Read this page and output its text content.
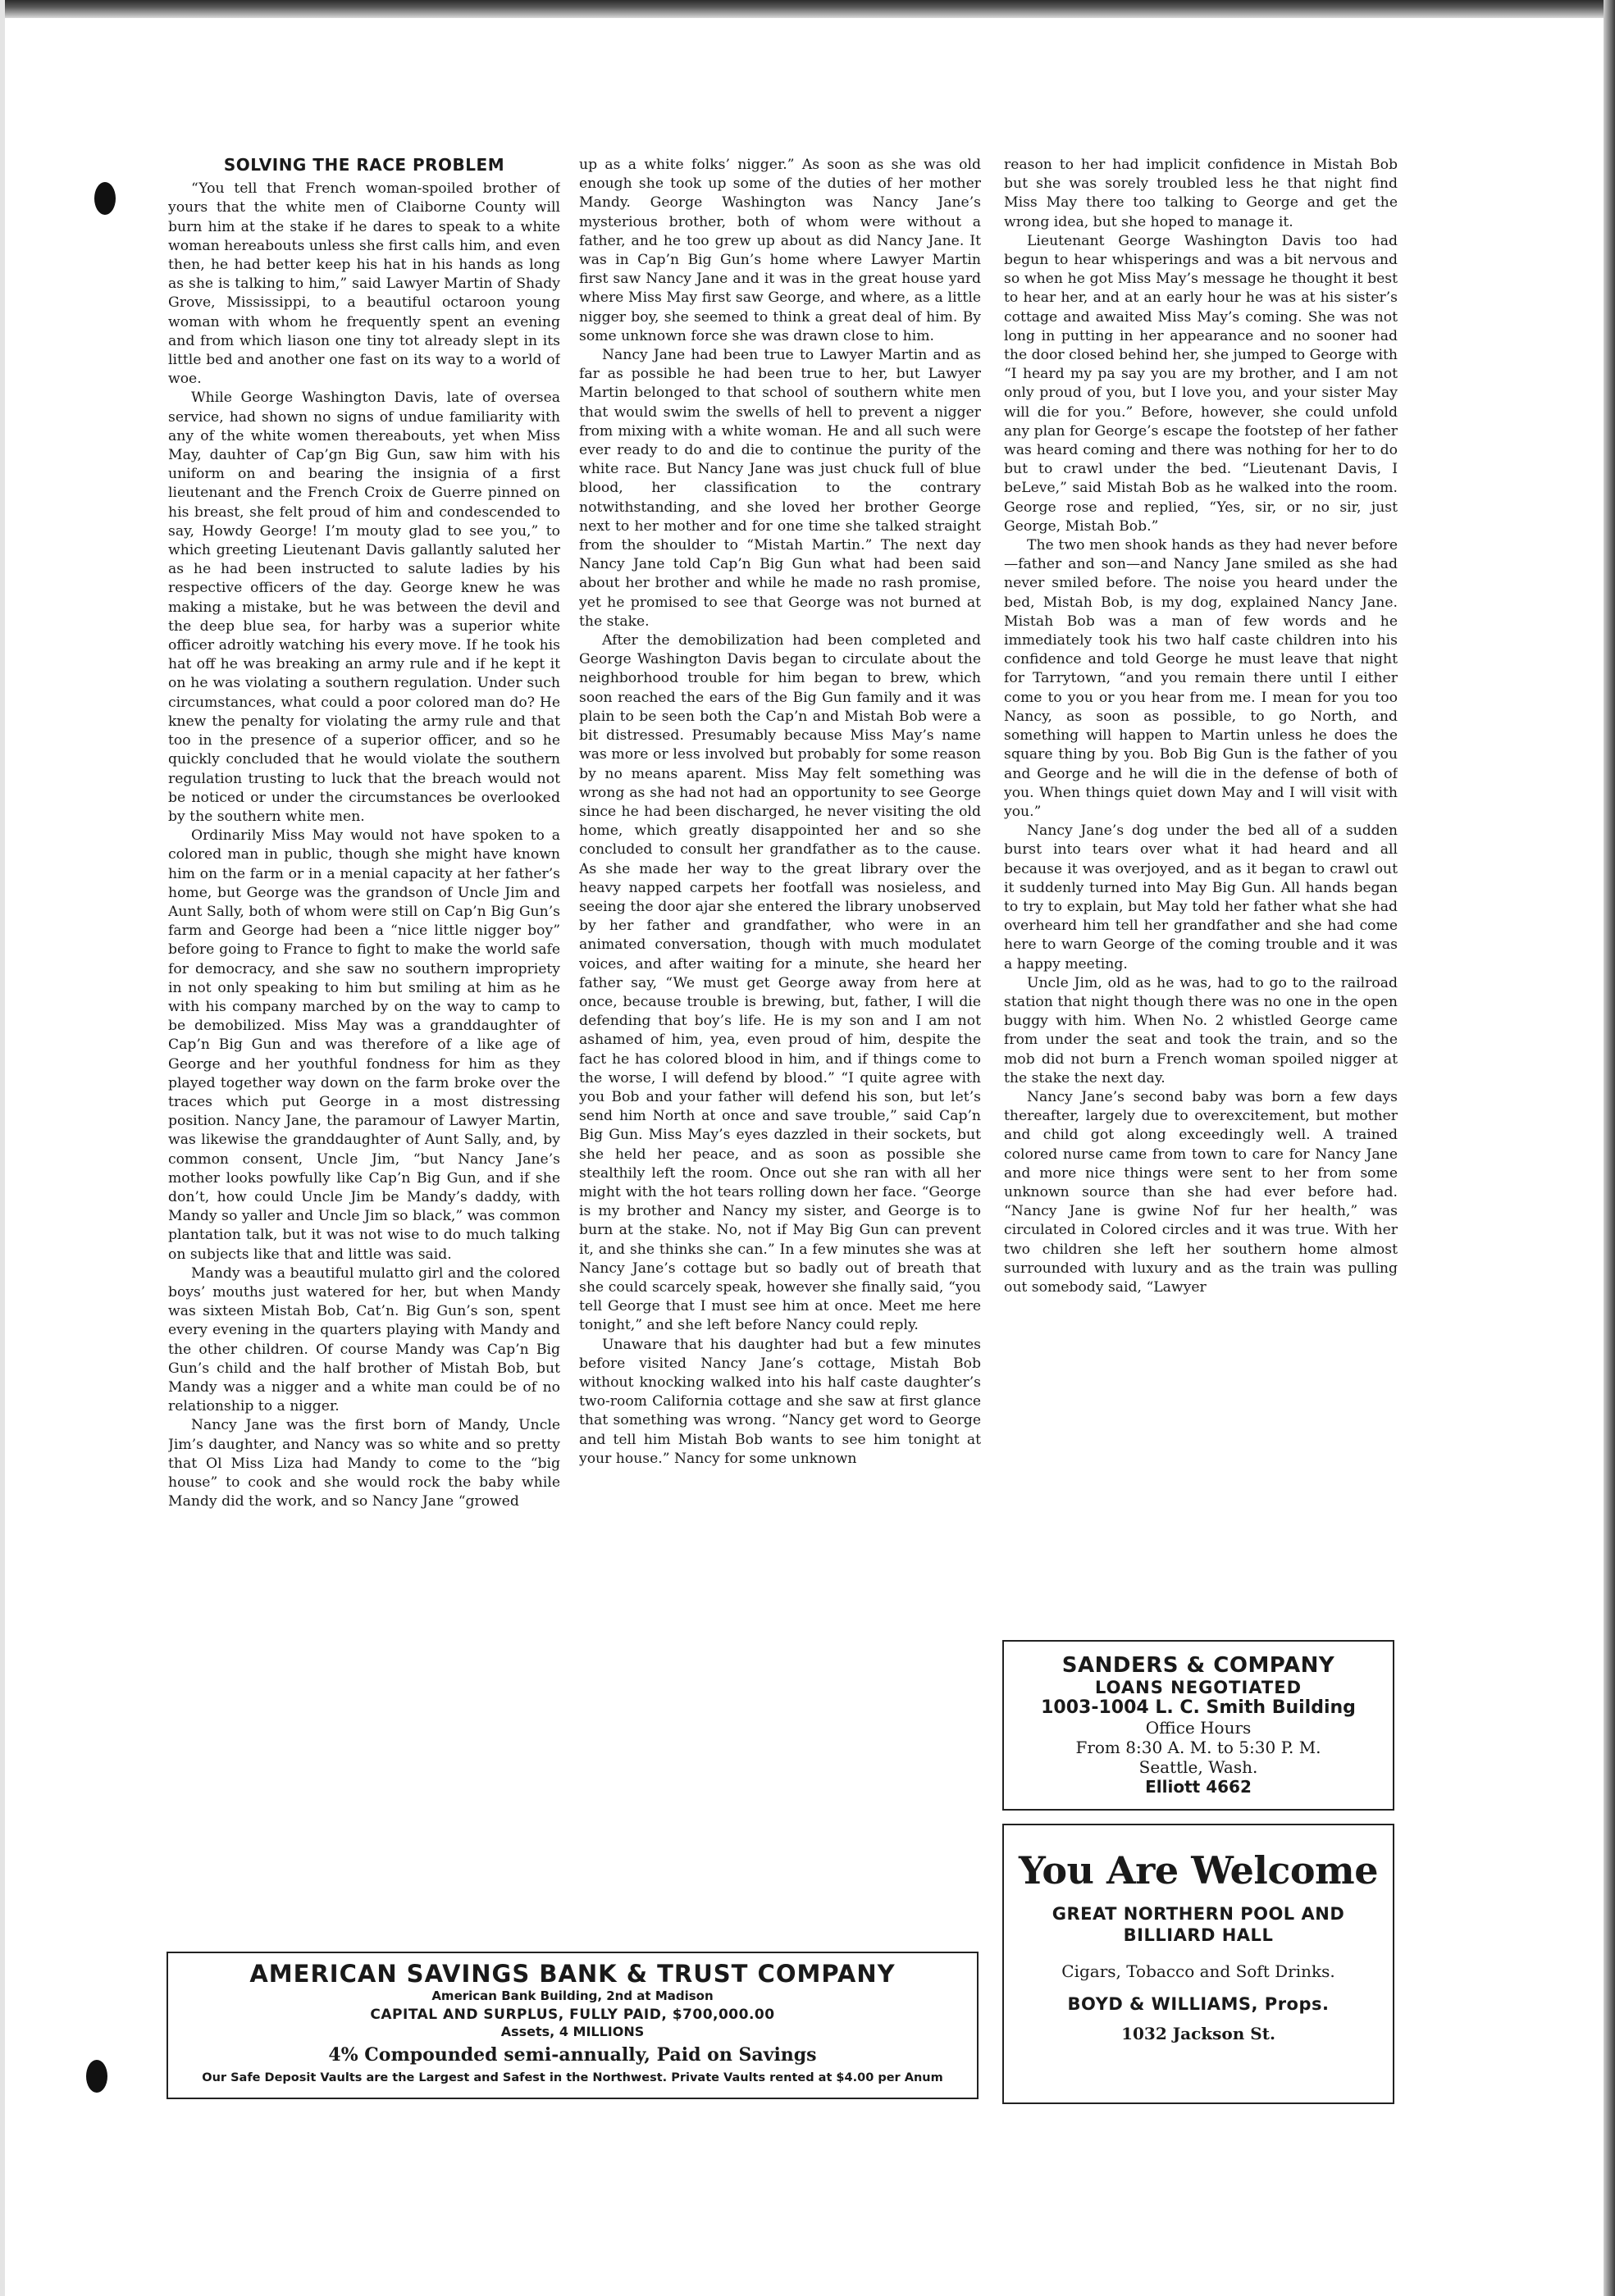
SOLVING THE RACE PROBLEM

“You tell that French woman-spoiled brother of yours that the white men of Claiborne County will burn him at the stake if he dares to speak to a white woman hereabouts unless she first calls him, and even then, he had better keep his hat in his hands as long as she is talking to him,” said Lawyer Martin of Shady Grove, Mississippi, to a beautiful octaroon young woman with whom he frequently spent an evening and from which liason one tiny tot already slept in its little bed and another one fast on its way to a world of woe.

While George Washington Davis, late of oversea service, had shown no signs of undue familiarity with any of the white women thereabouts, yet when Miss May, dauhter of Cap’gn Big Gun, saw him with his uniform on and bearing the insignia of a first lieutenant and the French Croix de Guerre pinned on his breast, she felt proud of him and condescended to say, Howdy George! I’m mouty glad to see you,” to which greeting Lieutenant Davis gallantly saluted her as he had been instructed to salute ladies by his respective officers of the day. George knew he was making a mistake, but he was between the devil and the deep blue sea, for harby was a superior white officer adroitly watching his every move. If he took his hat off he was breaking an army rule and if he kept it on he was violating a southern regulation. Under such circumstances, what could a poor colored man do? He knew the penalty for violating the army rule and that too in the presence of a superior officer, and so he quickly concluded that he would violate the southern regulation trusting to luck that the breach would not be noticed or under the circumstances be overlooked by the southern white men.

Ordinarily Miss May would not have spoken to a colored man in public, though she might have known him on the farm or in a menial capacity at her father’s home, but George was the grandson of Uncle Jim and Aunt Sally, both of whom were still on Cap’n Big Gun’s farm and George had been a “nice little nigger boy” before going to France to fight to make the world safe for democracy, and she saw no southern impropriety in not only speaking to him but smiling at him as he with his company marched by on the way to camp to be demobilized. Miss May was a granddaughter of Cap’n Big Gun and was therefore of a like age of George and her youthful fondness for him as they played together way down on the farm broke over the traces which put George in a most distressing position. Nancy Jane, the paramour of Lawyer Martin, was likewise the granddaughter of Aunt Sally, and, by common consent, Uncle Jim, “but Nancy Jane’s mother looks powfully like Cap’n Big Gun, and if she don’t, how could Uncle Jim be Mandy’s daddy, with Mandy so yaller and Uncle Jim so black,” was common plantation talk, but it was not wise to do much talking on subjects like that and little was said.

Mandy was a beautiful mulatto girl and the colored boys’ mouths just watered for her, but when Mandy was sixteen Mistah Bob, Cat’n. Big Gun’s son, spent every evening in the quarters playing with Mandy and the other children. Of course Mandy was Cap’n Big Gun’s child and the half brother of Mistah Bob, but Mandy was a nigger and a white man could be of no relationship to a nigger.

Nancy Jane was the first born of Mandy, Uncle Jim’s daughter, and Nancy was so white and so pretty that Ol Miss Liza had Mandy to come to the “big house” to cook and she would rock the baby while Mandy did the work, and so Nancy Jane “growed

up as a white folks’ nigger.” As soon as she was old enough she took up some of the duties of her mother Mandy. George Washington was Nancy Jane’s mysterious brother, both of whom were without a father, and he too grew up about as did Nancy Jane. It was in Cap’n Big Gun’s home where Lawyer Martin first saw Nancy Jane and it was in the great house yard where Miss May first saw George, and where, as a little nigger boy, she seemed to think a great deal of him. By some unknown force she was drawn close to him.

Nancy Jane had been true to Lawyer Martin and as far as possible he had been true to her, but Lawyer Martin belonged to that school of southern white men that would swim the swells of hell to prevent a nigger from mixing with a white woman. He and all such were ever ready to do and die to continue the purity of the white race. But Nancy Jane was just chuck full of blue blood, her classification to the contrary notwithstanding, and she loved her brother George next to her mother and for one time she talked straight from the shoulder to “Mistah Martin.” The next day Nancy Jane told Cap’n Big Gun what had been said about her brother and while he made no rash promise, yet he promised to see that George was not burned at the stake.

After the demobilization had been completed and George Washington Davis began to circulate about the neighborhood trouble for him began to brew, which soon reached the ears of the Big Gun family and it was plain to be seen both the Cap’n and Mistah Bob were a bit distressed. Presumably because Miss May’s name was more or less involved but probably for some reason by no means aparent. Miss May felt something was wrong as she had not had an opportunity to see George since he had been discharged, he never visiting the old home, which greatly disappointed her and so she concluded to consult her grandfather as to the cause. As she made her way to the great library over the heavy napped carpets her footfall was nosieless, and seeing the door ajar she entered the library unobserved by her father and grandfather, who were in an animated conversation, though with much modulatet voices, and after waiting for a minute, she heard her father say, “We must get George away from here at once, because trouble is brewing, but, father, I will die defending that boy’s life. He is my son and I am not ashamed of him, yea, even proud of him, despite the fact he has colored blood in him, and if things come to the worse, I will defend by blood.” “I quite agree with you Bob and your father will defend his son, but let’s send him North at once and save trouble,” said Cap’n Big Gun. Miss May’s eyes dazzled in their sockets, but she held her peace, and as soon as possible she stealthily left the room. Once out she ran with all her might with the hot tears rolling down her face. “George is my brother and Nancy my sister, and George is to burn at the stake. No, not if May Big Gun can prevent it, and she thinks she can.” In a few minutes she was at Nancy Jane’s cottage but so badly out of breath that she could scarcely speak, however she finally said, “you tell George that I must see him at once. Meet me here tonight,” and she left before Nancy could reply.

Unaware that his daughter had but a few minutes before visited Nancy Jane’s cottage, Mistah Bob without knocking walked into his half caste daughter’s two-room California cottage and she saw at first glance that something was wrong. “Nancy get word to George and tell him Mistah Bob wants to see him tonight at your house.” Nancy for some unknown

reason to her had implicit confidence in Mistah Bob but she was sorely troubled less he that night find Miss May there too talking to George and get the wrong idea, but she hoped to manage it.

Lieutenant George Washington Davis too had begun to hear whisperings and was a bit nervous and so when he got Miss May’s message he thought it best to hear her, and at an early hour he was at his sister’s cottage and awaited Miss May’s coming. She was not long in putting in her appearance and no sooner had the door closed behind her, she jumped to George with “I heard my pa say you are my brother, and I am not only proud of you, but I love you, and your sister May will die for you.” Before, however, she could unfold any plan for George’s escape the footstep of her father was heard coming and there was nothing for her to do but to crawl under the bed. “Lieutenant Davis, I beLeve,” said Mistah Bob as he walked into the room. George rose and replied, “Yes, sir, or no sir, just George, Mistah Bob.”

The two men shook hands as they had never before—father and son—and Nancy Jane smiled as she had never smiled before. The noise you heard under the bed, Mistah Bob, is my dog, explained Nancy Jane. Mistah Bob was a man of few words and he immediately took his two half caste children into his confidence and told George he must leave that night for Tarrytown, “and you remain there until I either come to you or you hear from me. I mean for you too Nancy, as soon as possible, to go North, and something will happen to Martin unless he does the square thing by you. Bob Big Gun is the father of you and George and he will die in the defense of both of you. When things quiet down May and I will visit with you.”

Nancy Jane’s dog under the bed all of a sudden burst into tears over what it had heard and all because it was overjoyed, and as it began to crawl out it suddenly turned into May Big Gun. All hands began to try to explain, but May told her father what she had overheard him tell her grandfather and she had come here to warn George of the coming trouble and it was a happy meeting.

Uncle Jim, old as he was, had to go to the railroad station that night though there was no one in the open buggy with him. When No. 2 whistled George came from under the seat and took the train, and so the mob did not burn a French woman spoiled nigger at the stake the next day.

Nancy Jane’s second baby was born a few days thereafter, largely due to overexcitement, but mother and child got along exceedingly well. A trained colored nurse came from town to care for Nancy Jane and more nice things were sent to her from some unknown source than she had ever before had. “Nancy Jane is gwine Nof fur her health,” was circulated in Colored circles and it was true. With her two children she left her southern home almost surrounded with luxury and as the train was pulling out somebody said, “Lawyer

AMERICAN SAVINGS BANK & TRUST COMPANY
American Bank Building, 2nd at Madison
CAPITAL AND SURPLUS, FULLY PAID, $700,000.00
Assets, 4 MILLIONS
4% Compounded semi-annually, Paid on Savings
Our Safe Deposit Vaults are the Largest and Safest in the Northwest. Private Vaults rented at $4.00 per Anum
SANDERS & COMPANY
LOANS NEGOTIATED
1003-1004 L. C. Smith Building
Office Hours
From 8:30 A. M. to 5:30 P. M.
Seattle, Wash.
Elliott 4662
You Are Welcome
GREAT NORTHERN POOL AND
BILLIARD HALL
Cigars, Tobacco and Soft Drinks.
BOYD & WILLIAMS, Props.
1032 Jackson St.
